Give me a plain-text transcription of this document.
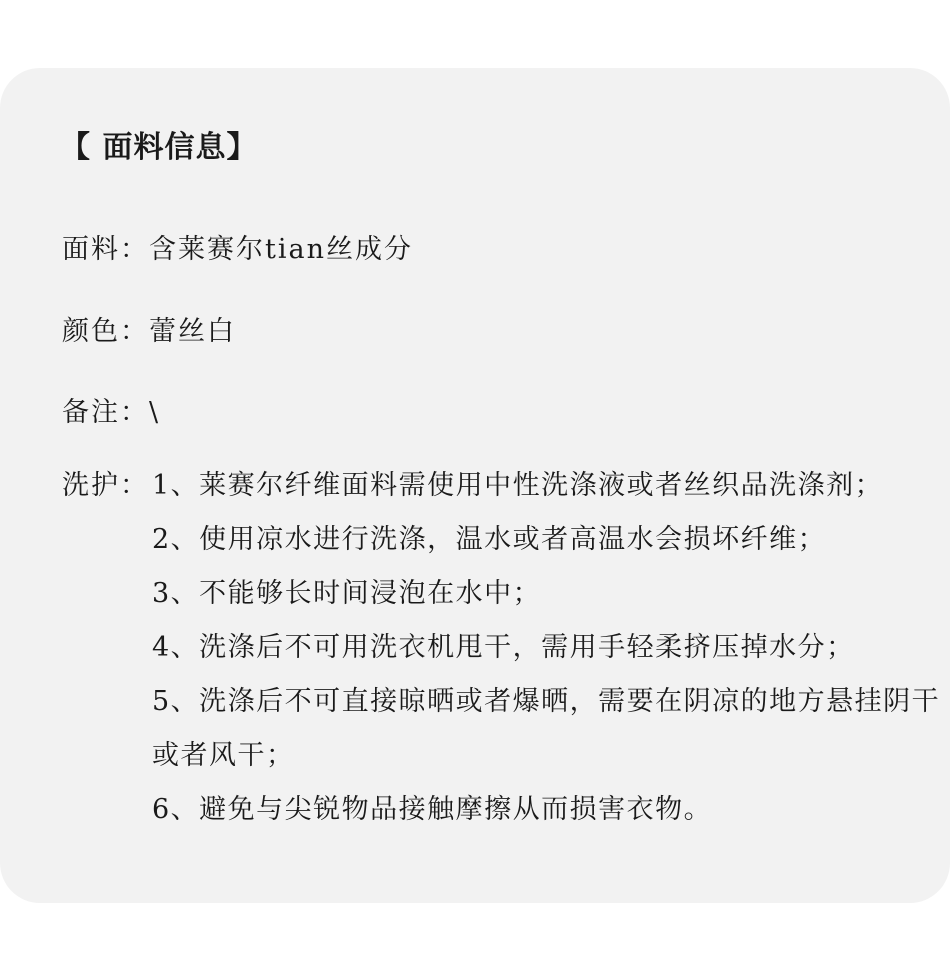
【 面料信息】
面料：含莱赛尔tian丝成分
颜色：蕾丝白
备注：\
洗护： 1、莱赛尔纤维面料需使用中性洗涤液或者丝织品洗涤剂；
2、使用凉水进行洗涤，温水或者高温水会损坏纤维；
3、不能够长时间浸泡在水中；
4、洗涤后不可用洗衣机甩干，需用手轻柔挤压掉水分；
5、洗涤后不可直接晾晒或者爆晒，需要在阴凉的地方悬挂阴干或者风干；
6、避免与尖锐物品接触摩擦从而损害衣物。
